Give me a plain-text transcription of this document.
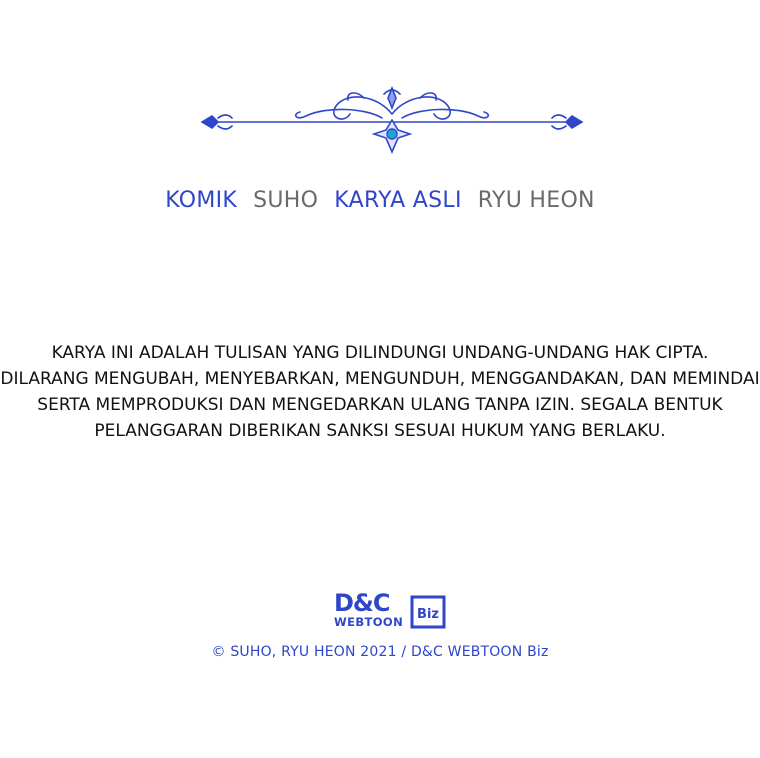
KOMIK SUHO KARYA ASLI RYU HEON
KARYA INI ADALAH TULISAN YANG DILINDUNGI UNDANG-UNDANG HAK CIPTA.
DILARANG MENGUBAH, MENYEBARKAN, MENGUNDUH, MENGGANDAKAN, DAN MEMINDAI
SERTA MEMPRODUKSI DAN MENGEDARKAN ULANG TANPA IZIN. SEGALA BENTUK
PELANGGARAN DIBERIKAN SANKSI SESUAI HUKUM YANG BERLAKU.
D&C
WEBTOON Biz
© SUHO, RYU HEON 2021 / D&C WEBTOON Biz
